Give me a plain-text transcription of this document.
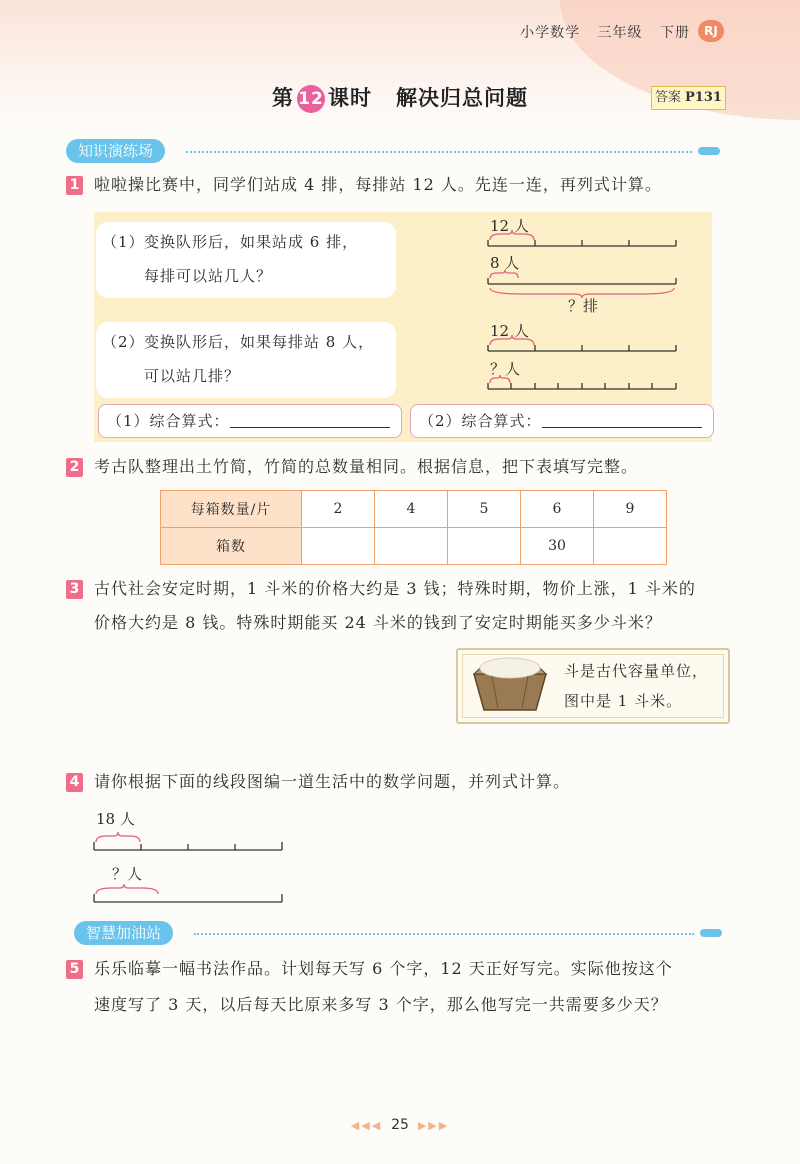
小学数学 三年级 下册	RJ
第 12 课时 解决归总问题	答案 P131
知识演练场
1 啦啦操比赛中，同学们站成 4 排，每排站 12 人。先连一连，再列式计算。
（1） 变换队形后，如果站成 6 排，
每排可以站几人？
（2） 变换队形后，如果每排站 8 人，
可以站几排？
12 人
8 人
？排
12 人
？人
（1）综合算式：	（2）综合算式：
2 考古队整理出土竹简，竹简的总数量相同。根据信息，把下表填写完整。
每箱数量/片	2	4	5	6	9
箱数				30	
3 古代社会安定时期，1 斗米的价格大约是 3 钱；特殊时期，物价上涨，1 斗米的
价格大约是 8 钱。特殊时期能买 24 斗米的钱到了安定时期能买多少斗米？
斗是古代容量单位，
图中是 1 斗米。
4 请你根据下面的线段图编一道生活中的数学问题，并列式计算。
18 人
？人
智慧加油站
5 乐乐临摹一幅书法作品。计划每天写 6 个字，12 天正好写完。实际他按这个
速度写了 3 天，以后每天比原来多写 3 个字，那么他写完一共需要多少天？
◀◀◀ 25 ▶▶▶
